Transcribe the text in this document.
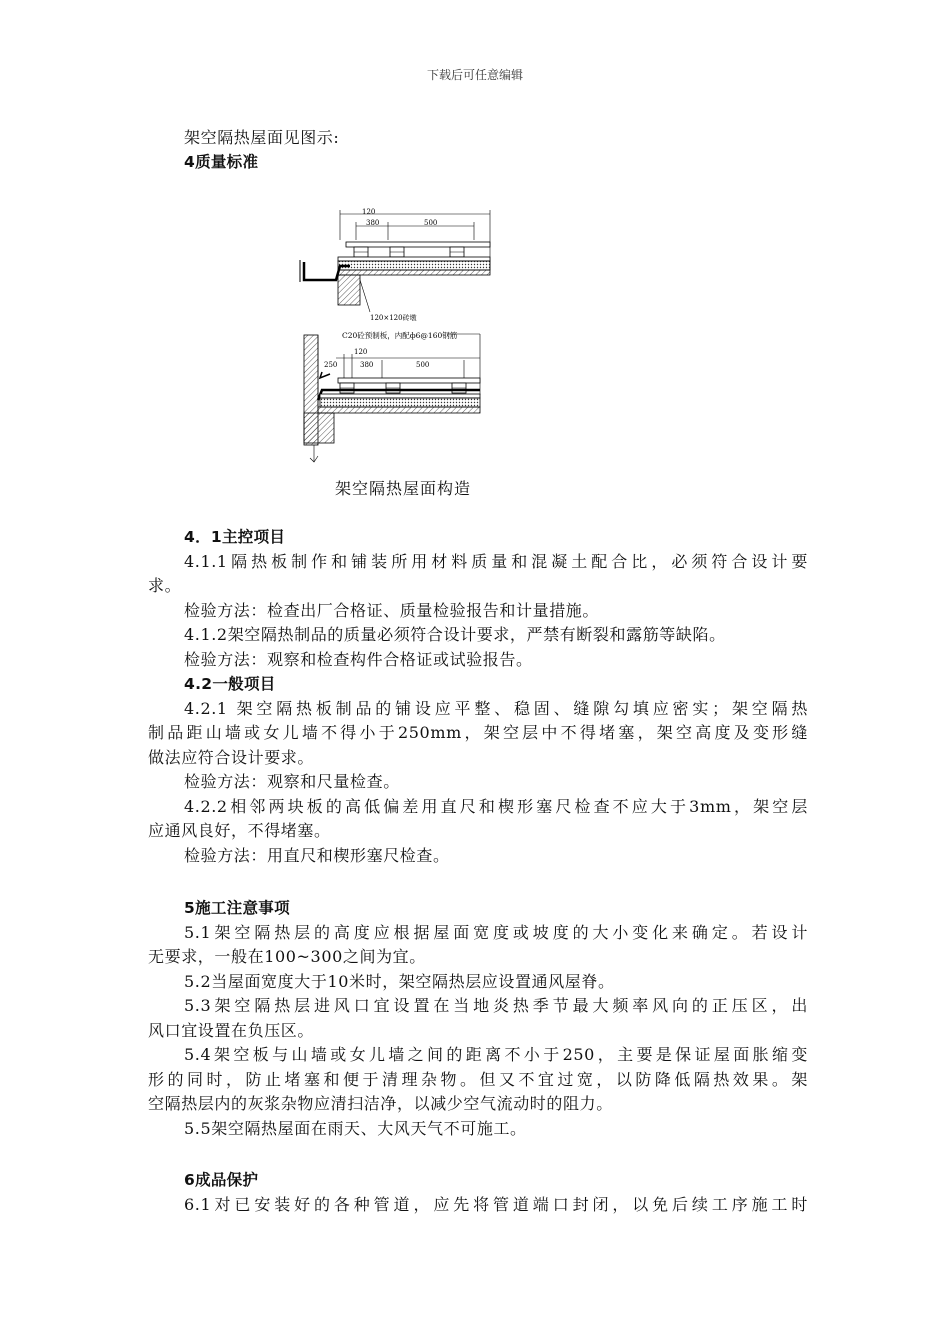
下载后可任意编辑
架空隔热屋面见图示:
4质量标准
120
380	500
120×120砖墩
C20砼预制板，内配ф6@160钢筋
120
250	380	500
架空隔热屋面构造
4．1主控项目
4.1.1隔热板制作和铺装所用材料质量和混凝土配合比，必须符合设计要
求。
检验方法：检查出厂合格证、质量检验报告和计量措施。
4.1.2架空隔热制品的质量必须符合设计要求，严禁有断裂和露筋等缺陷。
检验方法：观察和检查构件合格证或试验报告。
4.2一般项目
4.2.1 架空隔热板制品的铺设应平整、稳固、缝隙勾填应密实；架空隔热
制品距山墙或女儿墙不得小于250mm，架空层中不得堵塞，架空高度及变形缝
做法应符合设计要求。
检验方法：观察和尺量检查。
4.2.2相邻两块板的高低偏差用直尺和楔形塞尺检查不应大于3mm，架空层
应通风良好，不得堵塞。
检验方法：用直尺和楔形塞尺检查。
5施工注意事项
5.1架空隔热层的高度应根据屋面宽度或坡度的大小变化来确定。若设计
无要求，一般在100~300之间为宜。
5.2当屋面宽度大于10米时，架空隔热层应设置通风屋脊。
5.3架空隔热层进风口宜设置在当地炎热季节最大频率风向的正压区，出
风口宜设置在负压区。
5.4架空板与山墙或女儿墙之间的距离不小于250，主要是保证屋面胀缩变
形的同时，防止堵塞和便于清理杂物。但又不宜过宽，以防降低隔热效果。架
空隔热层内的灰浆杂物应清扫洁净，以减少空气流动时的阻力。
5.5架空隔热屋面在雨天、大风天气不可施工。
6成品保护
6.1对已安装好的各种管道，应先将管道端口封闭，以免后续工序施工时
